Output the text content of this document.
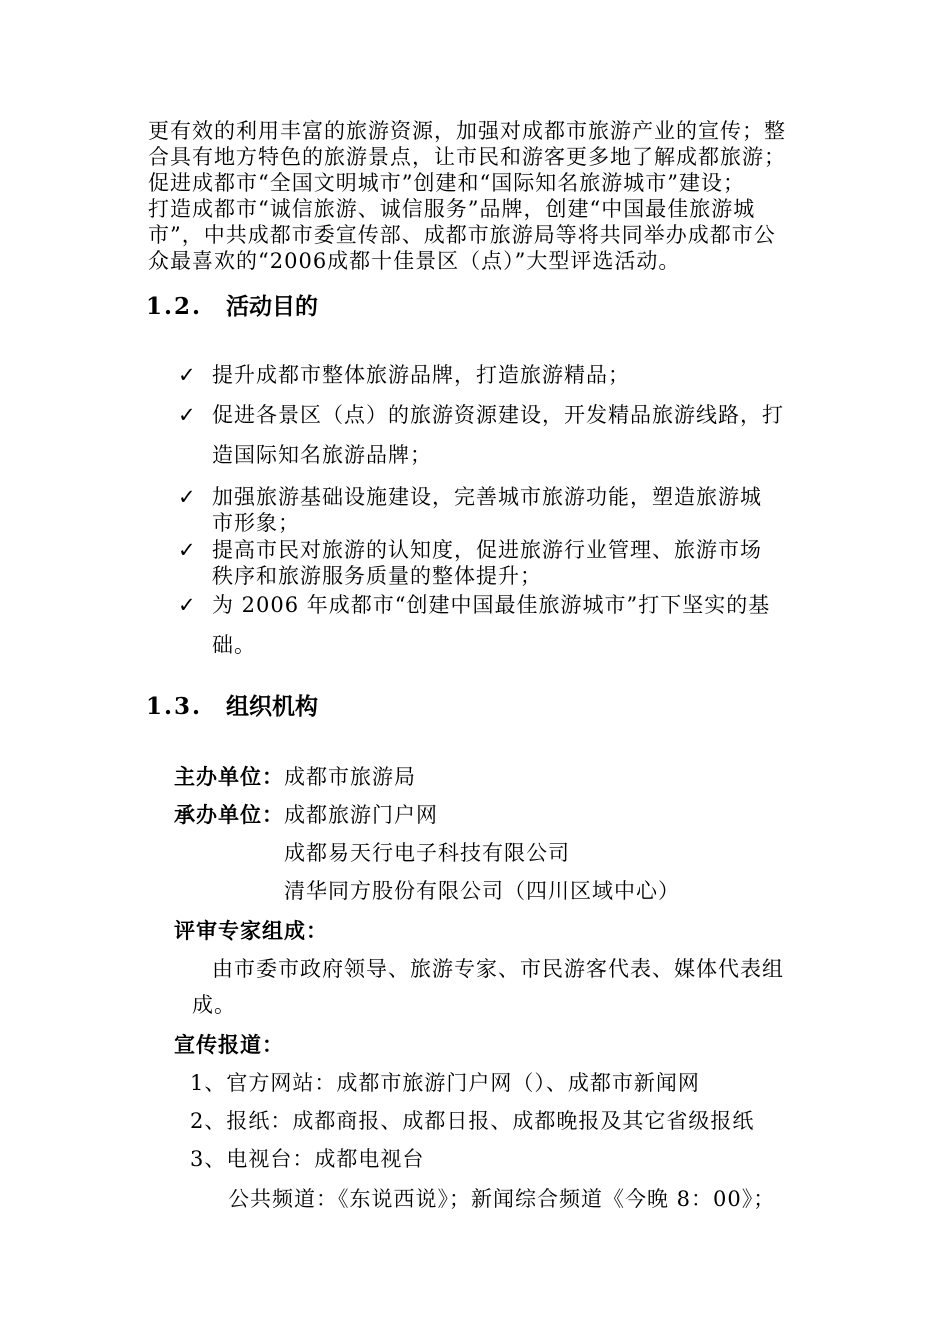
更有效的利用丰富的旅游资源，加强对成都市旅游产业的宣传；整
合具有地方特色的旅游景点，让市民和游客更多地了解成都旅游；
促进成都市“全国文明城市”创建和“国际知名旅游城市”建设；
打造成都市“诚信旅游、诚信服务”品牌，创建“中国最佳旅游城
市”，中共成都市委宣传部、成都市旅游局等将共同举办成都市公
众最喜欢的“2006成都十佳景区（点）”大型评选活动。
1.2. 活动目的
✓ 提升成都市整体旅游品牌，打造旅游精品；
✓ 促进各景区（点）的旅游资源建设，开发精品旅游线路，打
造国际知名旅游品牌；
✓ 加强旅游基础设施建设，完善城市旅游功能，塑造旅游城
市形象；
✓ 提高市民对旅游的认知度，促进旅游行业管理、旅游市场
秩序和旅游服务质量的整体提升；
✓ 为 2006 年成都市“创建中国最佳旅游城市”打下坚实的基
础。
1.3. 组织机构
主办单位： 成都市旅游局
承办单位： 成都旅游门户网
成都易天行电子科技有限公司
清华同方股份有限公司（四川区域中心）
评审专家组成：
由市委市政府领导、旅游专家、市民游客代表、媒体代表组
成。
宣传报道：
1、官方网站：成都市旅游门户网（）、成都市新闻网
2、报纸：成都商报、成都日报、成都晚报及其它省级报纸
3、电视台：成都电视台
公共频道：《东说西说》；新闻综合频道《今晚 8：00》；
